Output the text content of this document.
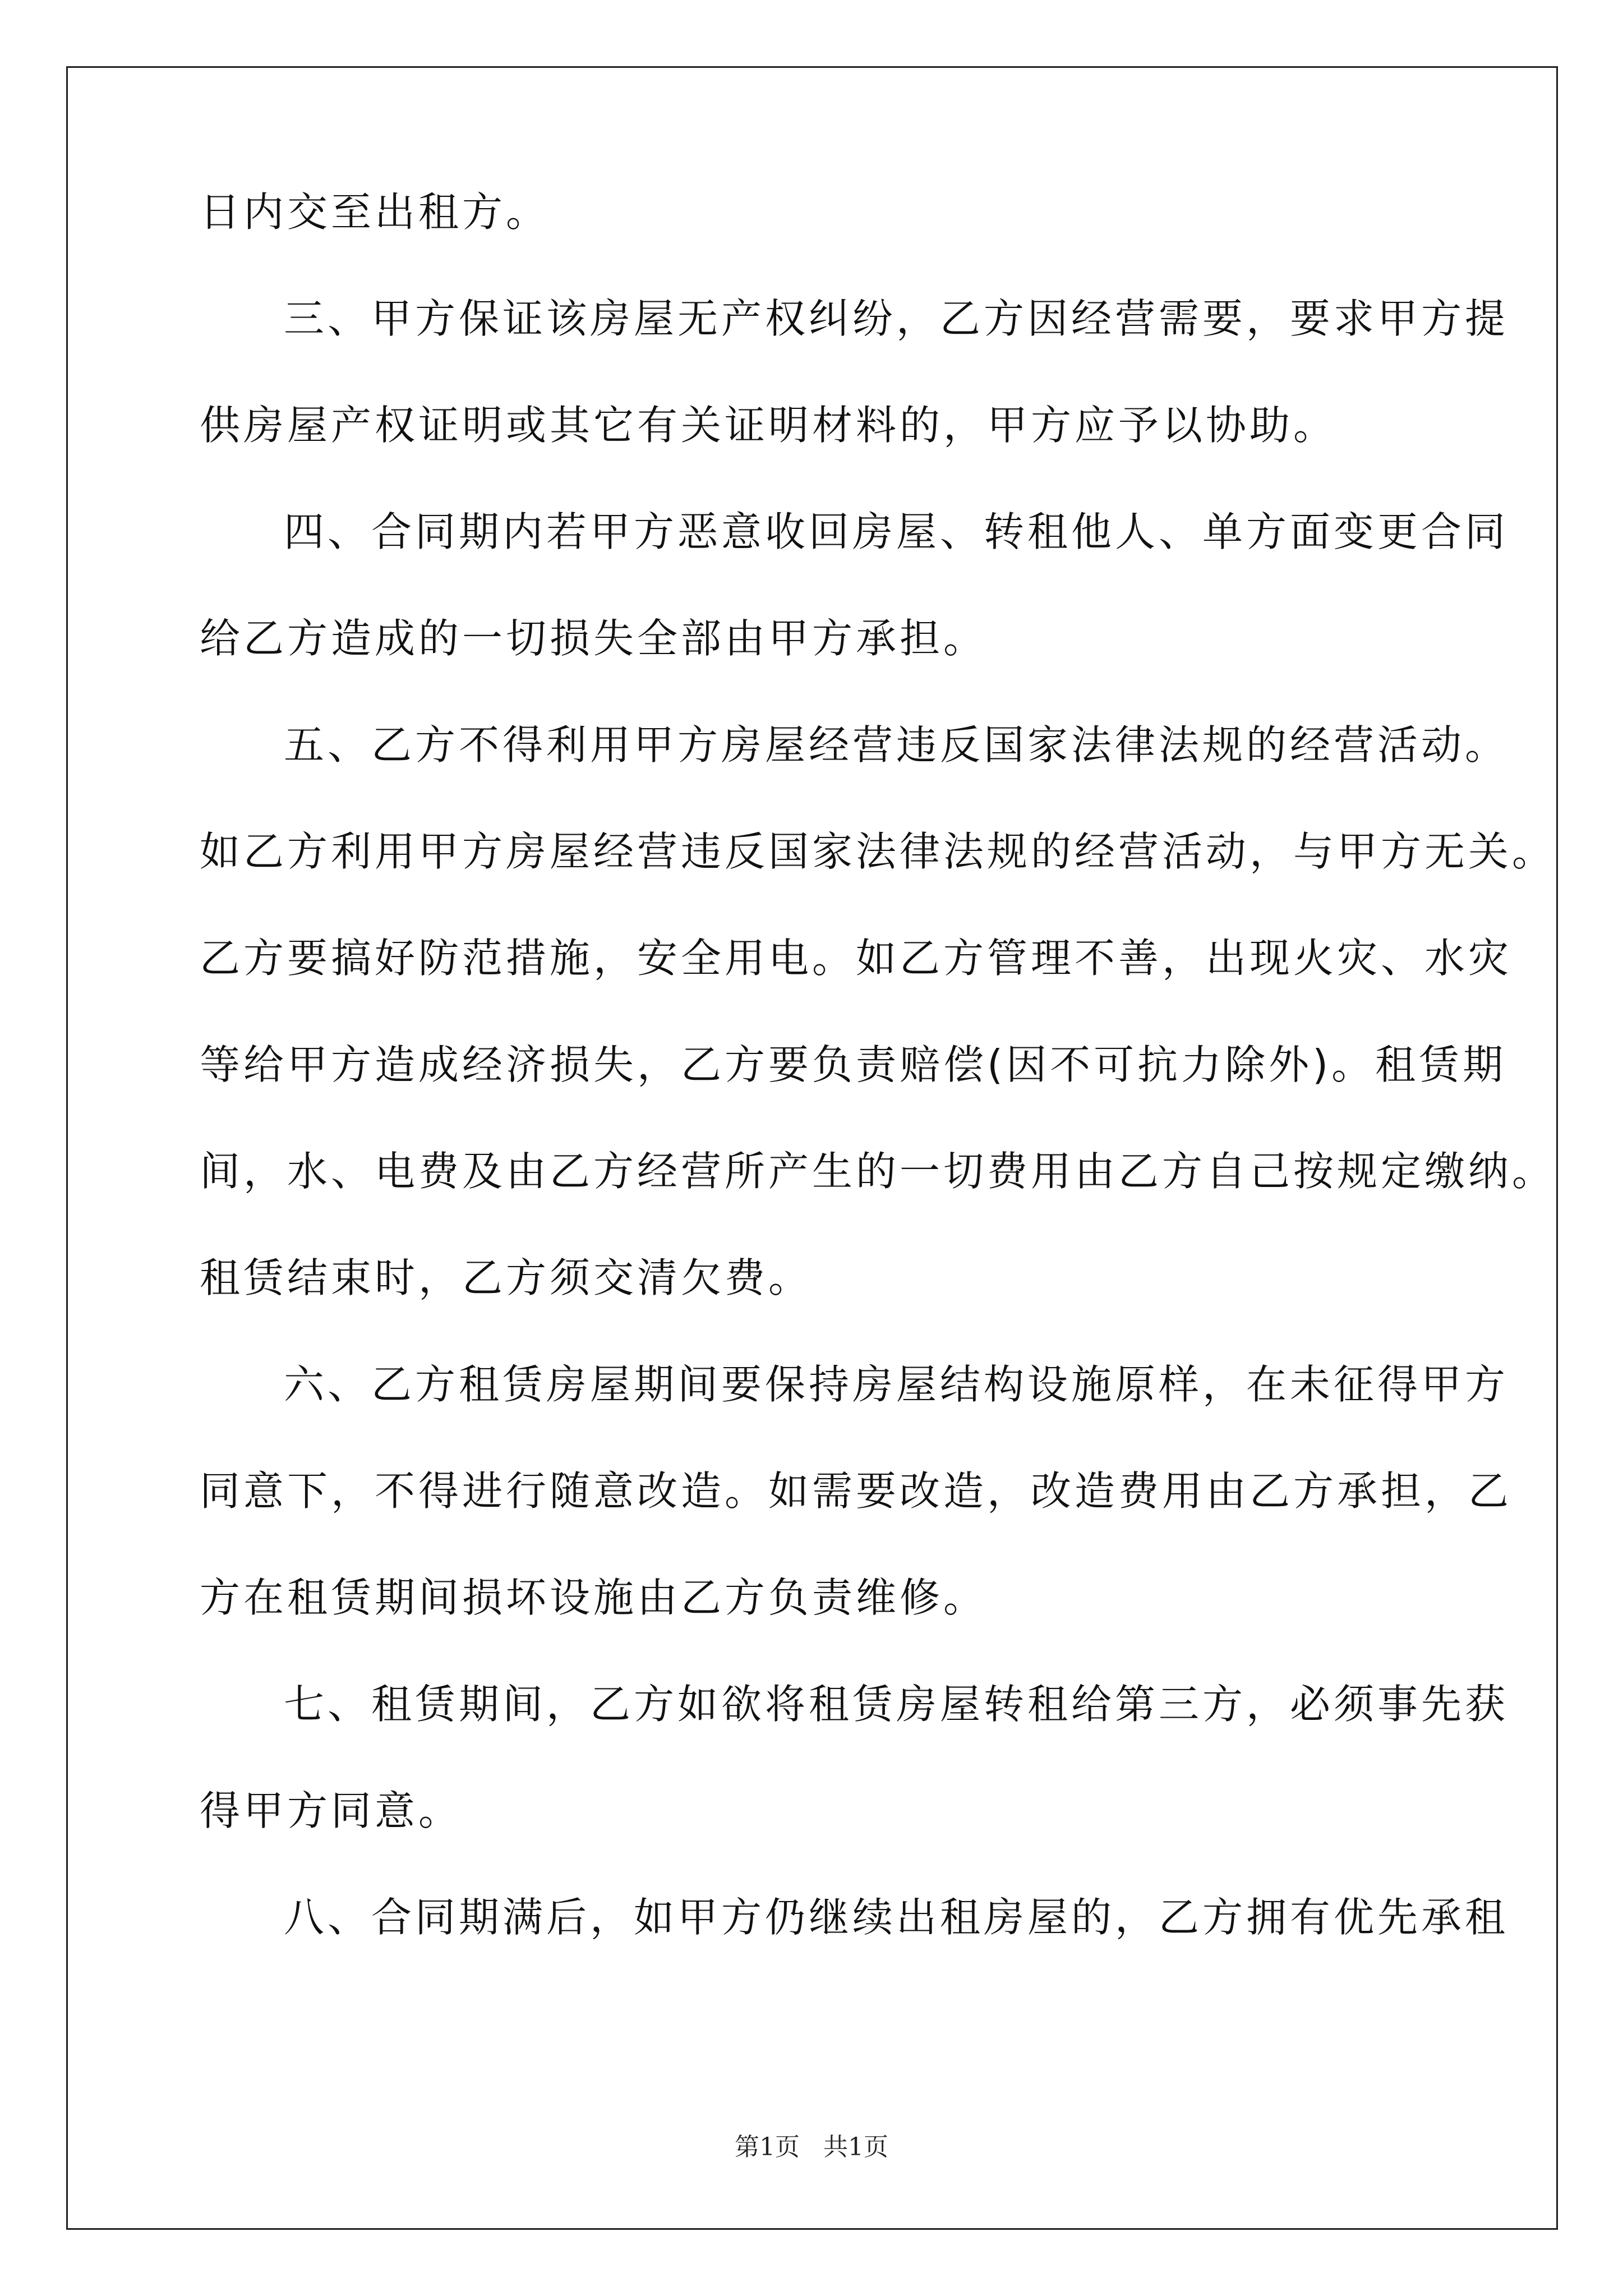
日内交至出租方。
三、甲方保证该房屋无产权纠纷，乙方因经营需要，要求甲方提
供房屋产权证明或其它有关证明材料的，甲方应予以协助。
四、合同期内若甲方恶意收回房屋、转租他人、单方面变更合同
给乙方造成的一切损失全部由甲方承担。
五、乙方不得利用甲方房屋经营违反国家法律法规的经营活动。
如乙方利用甲方房屋经营违反国家法律法规的经营活动，与甲方无关。
乙方要搞好防范措施，安全用电。如乙方管理不善，出现火灾、水灾
等给甲方造成经济损失，乙方要负责赔偿(因不可抗力除外)。租赁期
间，水、电费及由乙方经营所产生的一切费用由乙方自己按规定缴纳。
租赁结束时，乙方须交清欠费。
六、乙方租赁房屋期间要保持房屋结构设施原样，在未征得甲方
同意下，不得进行随意改造。如需要改造，改造费用由乙方承担，乙
方在租赁期间损坏设施由乙方负责维修。
七、租赁期间，乙方如欲将租赁房屋转租给第三方，必须事先获
得甲方同意。
八、合同期满后，如甲方仍继续出租房屋的，乙方拥有优先承租
第1页 共1页
